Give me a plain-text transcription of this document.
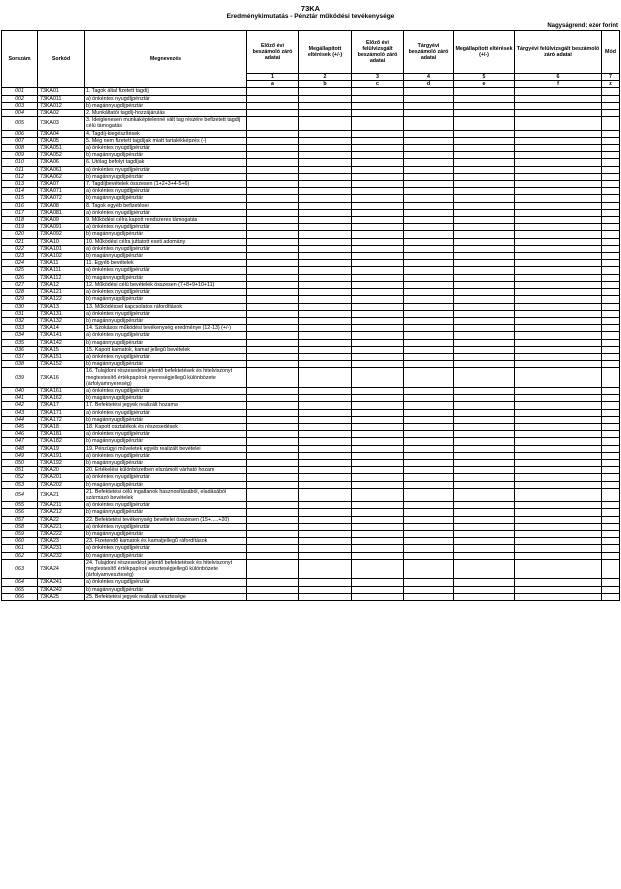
73KA
Eredménykimutatás - Pénztár működési tevékenysége
Nagyságrend: ezer forint
Sorszám	Sorkód	Megnevezés	Előző évi beszámoló záró adatai	Megállapított eltérések (+/-)	Előző évi felülvizsgált beszámoló záró adatai	Tárgyévi beszámoló záró adatai	Megállapított eltérések (+/-)	Tárgyévi felülvizsgált beszámoló záró adatai	Mód
			1	2	3	4	5	6	7
			a	b	c	d	e	f	z
001	73KA01	1. Tagok által fizetett tagdíj							
002	73KA011	a) önkéntes nyugdíjpénztár							
003	73KA012	b) magánnyugdíjpénztár							
004	73KA02	2. Munkáltatói tagdíj-hozzájárulás							
005	73KA03	3. Ideiglenesen munkaképtelenné vált tag részére befizetett tagdíj célú támogatás							
006	73KA04	4. Tagdíj-kiegészítések							
007	73KA05	5. Még nem fizetett tagdíjak miatt tartalékképzés (-)							
008	73KA051	a) önkéntes nyugdíjpénztár							
009	73KA052	b) magánnyugdíjpénztár							
010	73KA06	6. Utólag befolyt tagdíjak							
011	73KA061	a) önkéntes nyugdíjpénztár							
012	73KA062	b) magánnyugdíjpénztár							
013	73KA07	7. Tagdíjbevételek összesen (1+2+3+4-5+6)							
014	73KA071	a) önkéntes nyugdíjpénztár							
015	73KA072	b) magánnyugdíjpénztár							
016	73KA08	8. Tagok egyéb befizetései							
017	73KA081	a) önkéntes nyugdíjpénztár							
018	73KA09	9. Működési célra kapott rendszeres támogatás							
019	73KA091	a) önkéntes nyugdíjpénztár							
020	73KA092	b) magánnyugdíjpénztár							
021	73KA10	10. Működési célra juttatott eseti adomány							
022	73KA101	a) önkéntes nyugdíjpénztár							
023	73KA102	b) magánnyugdíjpénztár							
024	73KA11	11. Egyéb bevételek							
025	73KA111	a) önkéntes nyugdíjpénztár							
026	73KA112	b) magánnyugdíjpénztár							
027	73KA12	12. Működési célú bevételek összesen (7+8+9+10+11)							
028	73KA121	a) önkéntes nyugdíjpénztár							
029	73KA122	b) magánnyugdíjpénztár							
030	73KA13	13. Működéssel kapcsolatos ráfordítások							
031	73KA131	a) önkéntes nyugdíjpénztár							
032	73KA132	b) magánnyugdíjpénztár							
033	73KA14	14. Szokásos működési tevékenység eredménye (12-13) (+/-)							
034	73KA141	a) önkéntes nyugdíjpénztár							
035	73KA142	b) magánnyugdíjpénztár							
036	73KA15	15. Kapott kamatok, kamat jellegű bevételek							
037	73KA151	a) önkéntes nyugdíjpénztár							
038	73KA152	b) magánnyugdíjpénztár							
039	73KA16	16. Tulajdoni részesedést jelentő befektetések és hitelviszonyt megtestesítő értékpapírok nyereségjellegű különbözete (árfolyamnyereség)							
040	73KA161	a) önkéntes nyugdíjpénztár							
041	73KA162	b) magánnyugdíjpénztár							
042	73KA17	17. Befektetési jegyek realizált hozama							
043	73KA171	a) önkéntes nyugdíjpénztár							
044	73KA172	b) magánnyugdíjpénztár							
045	73KA18	18. Kapott osztalékok és részesedések							
046	73KA181	a) önkéntes nyugdíjpénztár							
047	73KA182	b) magánnyugdíjpénztár							
048	73KA19	19. Pénzügyi műveletek egyéb realizált bevételei							
049	73KA191	a) önkéntes nyugdíjpénztár							
050	73KA192	b) magánnyugdíjpénztár							
051	73KA20	20. Értékelési különbözetben elszámolt várható hozam							
052	73KA201	a) önkéntes nyugdíjpénztár							
053	73KA202	b) magánnyugdíjpénztár							
054	73KA21	21. Befektetési célú ingatlanok hasznosításából, eladásából származó bevételek							
055	73KA211	a) önkéntes nyugdíjpénztár							
056	73KA212	b) magánnyugdíjpénztár							
057	73KA22	22. Befektetési tevékenység bevételei összesen (15+.....+20)							
058	73KA221	a) önkéntes nyugdíjpénztár							
059	73KA222	b) magánnyugdíjpénztár							
060	73KA23	23. Fizetendő kamatok és kamatjellegű ráfordítások							
061	73KA231	a) önkéntes nyugdíjpénztár							
062	73KA232	b) magánnyugdíjpénztár							
063	73KA24	24. Tulajdoni részesedést jelentő befektetések és hitelviszonyt megtestesítő értékpapírok veszteségjellegű különbözete (árfolyamveszteség)							
064	73KA241	a) önkéntes nyugdíjpénztár							
065	73KA242	b) magánnyugdíjpénztár							
066	73KA25	25. Befektetési jegyek realizált vesztesége							
